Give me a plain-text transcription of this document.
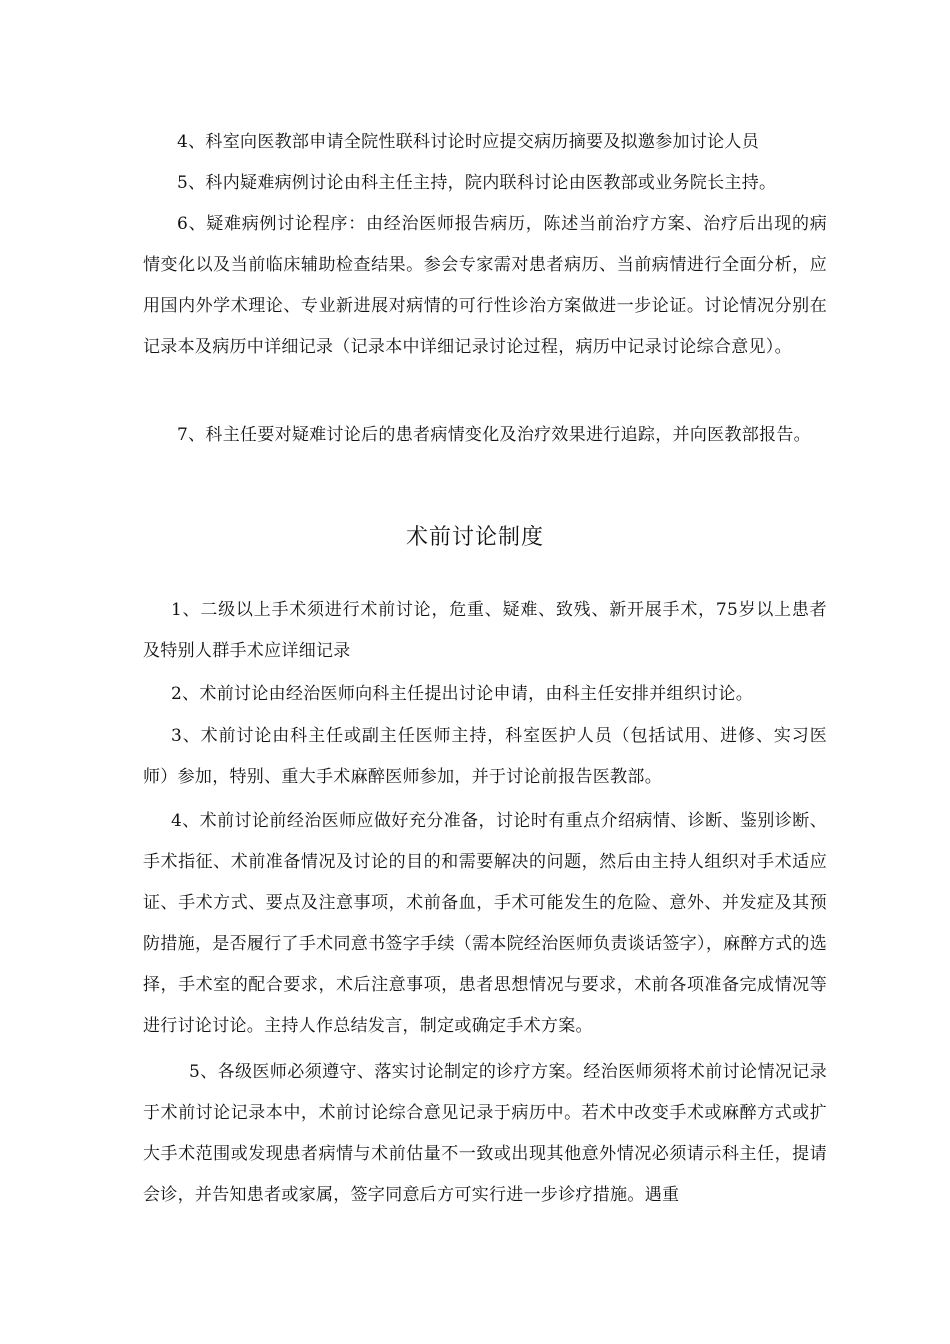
4、科室向医教部申请全院性联科讨论时应提交病历摘要及拟邀参加讨论人员

5、科内疑难病例讨论由科主任主持，院内联科讨论由医教部或业务院长主持。

6、疑难病例讨论程序：由经治医师报告病历，陈述当前治疗方案、治疗后出现的病情变化以及当前临床辅助检查结果。参会专家需对患者病历、当前病情进行全面分析，应用国内外学术理论、专业新进展对病情的可行性诊治方案做进一步论证。讨论情况分别在记录本及病历中详细记录（记录本中详细记录讨论过程，病历中记录讨论综合意见）。

7、科主任要对疑难讨论后的患者病情变化及治疗效果进行追踪，并向医教部报告。

术前讨论制度

1、二级以上手术须进行术前讨论，危重、疑难、致残、新开展手术，75岁以上患者及特别人群手术应详细记录

2、术前讨论由经治医师向科主任提出讨论申请，由科主任安排并组织讨论。

3、术前讨论由科主任或副主任医师主持，科室医护人员（包括试用、进修、实习医师）参加，特别、重大手术麻醉医师参加，并于讨论前报告医教部。

4、术前讨论前经治医师应做好充分准备，讨论时有重点介绍病情、诊断、鉴别诊断、手术指征、术前准备情况及讨论的目的和需要解决的问题，然后由主持人组织对手术适应证、手术方式、要点及注意事项，术前备血，手术可能发生的危险、意外、并发症及其预防措施，是否履行了手术同意书签字手续（需本院经治医师负责谈话签字），麻醉方式的选择，手术室的配合要求，术后注意事项，患者思想情况与要求，术前各项准备完成情况等进行讨论讨论。主持人作总结发言，制定或确定手术方案。

5、各级医师必须遵守、落实讨论制定的诊疗方案。经治医师须将术前讨论情况记录于术前讨论记录本中，术前讨论综合意见记录于病历中。若术中改变手术或麻醉方式或扩大手术范围或发现患者病情与术前估量不一致或出现其他意外情况必须请示科主任，提请会诊，并告知患者或家属，签字同意后方可实行进一步诊疗措施。遇重
